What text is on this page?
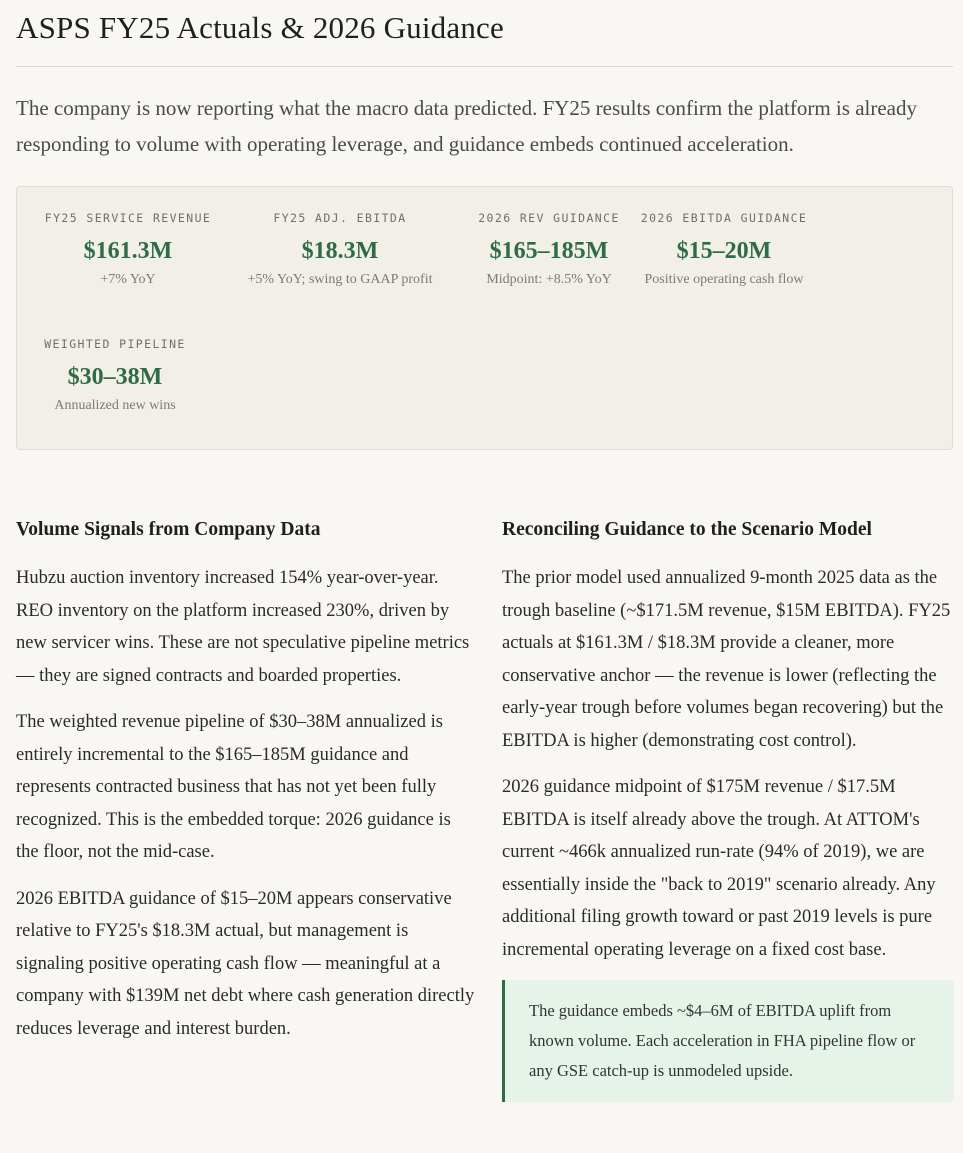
ASPS FY25 Actuals & 2026 Guidance

The company is now reporting what the macro data predicted. FY25 results confirm the platform is already responding to volume with operating leverage, and guidance embeds continued acceleration.

FY25 SERVICE REVENUE
$161.3M
+7% YoY
FY25 ADJ. EBITDA
$18.3M
+5% YoY; swing to GAAP profit
2026 REV GUIDANCE
$165–185M
Midpoint: +8.5% YoY
2026 EBITDA GUIDANCE
$15–20M
Positive operating cash flow
WEIGHTED PIPELINE
$30–38M
Annualized new wins
Volume Signals from Company Data

Hubzu auction inventory increased 154% year-over-year. REO inventory on the platform increased 230%, driven by new servicer wins. These are not speculative pipeline metrics — they are signed contracts and boarded properties.

The weighted revenue pipeline of $30–38M annualized is entirely incremental to the $165–185M guidance and represents contracted business that has not yet been fully recognized. This is the embedded torque: 2026 guidance is the floor, not the mid-case.

2026 EBITDA guidance of $15–20M appears conservative relative to FY25's $18.3M actual, but management is signaling positive operating cash flow — meaningful at a company with $139M net debt where cash generation directly reduces leverage and interest burden.

Reconciling Guidance to the Scenario Model

The prior model used annualized 9-month 2025 data as the trough baseline (~$171.5M revenue, $15M EBITDA). FY25 actuals at $161.3M / $18.3M provide a cleaner, more conservative anchor — the revenue is lower (reflecting the early-year trough before volumes began recovering) but the EBITDA is higher (demonstrating cost control).

2026 guidance midpoint of $175M revenue / $17.5M EBITDA is itself already above the trough. At ATTOM's current ~466k annualized run-rate (94% of 2019), we are essentially inside the "back to 2019" scenario already. Any additional filing growth toward or past 2019 levels is pure incremental operating leverage on a fixed cost base.

The guidance embeds ~$4–6M of EBITDA uplift from known volume. Each acceleration in FHA pipeline flow or any GSE catch-up is unmodeled upside.
